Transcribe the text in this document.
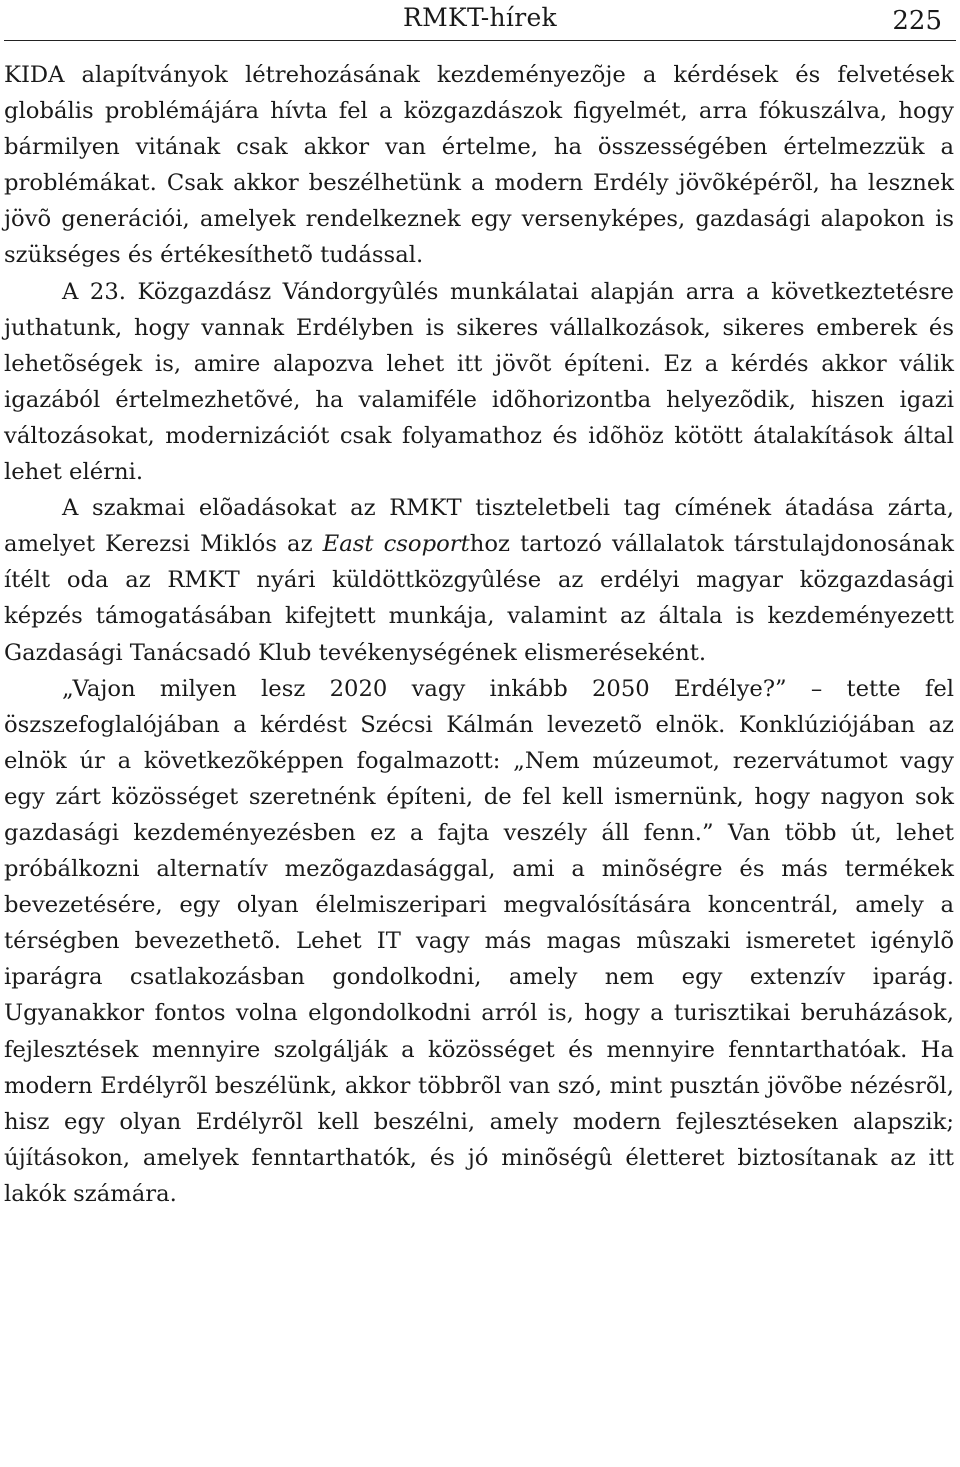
RMKT-hírek	225

KIDA alapítványok létrehozásának kezdeményezõje a kérdések és felvetések globális problémájára hívta fel a közgazdászok figyelmét, arra fókuszálva, hogy bármilyen vitának csak akkor van értelme, ha összességében értelmezzük a problémákat. Csak akkor beszélhetünk a modern Erdély jövõképérõl, ha lesznek jövõ generációi, amelyek rendelkeznek egy versenyképes, gazdasági alapokon is szükséges és értékesíthetõ tudással.

A 23. Közgazdász Vándorgyûlés munkálatai alapján arra a következtetésre juthatunk, hogy vannak Erdélyben is sikeres vállalkozások, sikeres emberek és lehetõségek is, amire alapozva lehet itt jövõt építeni. Ez a kérdés akkor válik igazából értelmezhetõvé, ha valamiféle idõhorizontba helyezõdik, hiszen igazi változásokat, modernizációt csak folyamathoz és idõhöz kötött átalakítások által lehet elérni.

A szakmai elõadásokat az RMKT tiszteletbeli tag címének átadása zárta, amelyet Kerezsi Miklós az East csoporthoz tartozó vállalatok társtulajdonosának ítélt oda az RMKT nyári küldöttközgyûlése az erdélyi magyar közgazdasági képzés támogatásában kifejtett munkája, valamint az általa is kezdeményezett Gazdasági Tanácsadó Klub tevékenységének elismeréseként.

„Vajon milyen lesz 2020 vagy inkább 2050 Erdélye?” – tette fel öszszefoglalójában a kérdést Szécsi Kálmán levezetõ elnök. Konklúziójában az elnök úr a következõképpen fogalmazott: „Nem múzeumot, rezervátumot vagy egy zárt közösséget szeretnénk építeni, de fel kell ismernünk, hogy nagyon sok gazdasági kezdeményezésben ez a fajta veszély áll fenn.” Van több út, lehet próbálkozni alternatív mezõgazdasággal, ami a minõségre és más termékek bevezetésére, egy olyan élelmiszeripari megvalósítására koncentrál, amely a térségben bevezethetõ. Lehet IT vagy más magas mûszaki ismeretet igénylõ iparágra csatlakozásban gondolkodni, amely nem egy extenzív iparág. Ugyanakkor fontos volna elgondolkodni arról is, hogy a turisztikai beruházások, fejlesztések mennyire szolgálják a közösséget és mennyire fenntarthatóak. Ha modern Erdélyrõl beszélünk, akkor többrõl van szó, mint pusztán jövõbe nézésrõl, hisz egy olyan Erdélyrõl kell beszélni, amely modern fejlesztéseken alapszik; újításokon, amelyek fenntarthatók, és jó minõségû életteret biztosítanak az itt lakók számára.
